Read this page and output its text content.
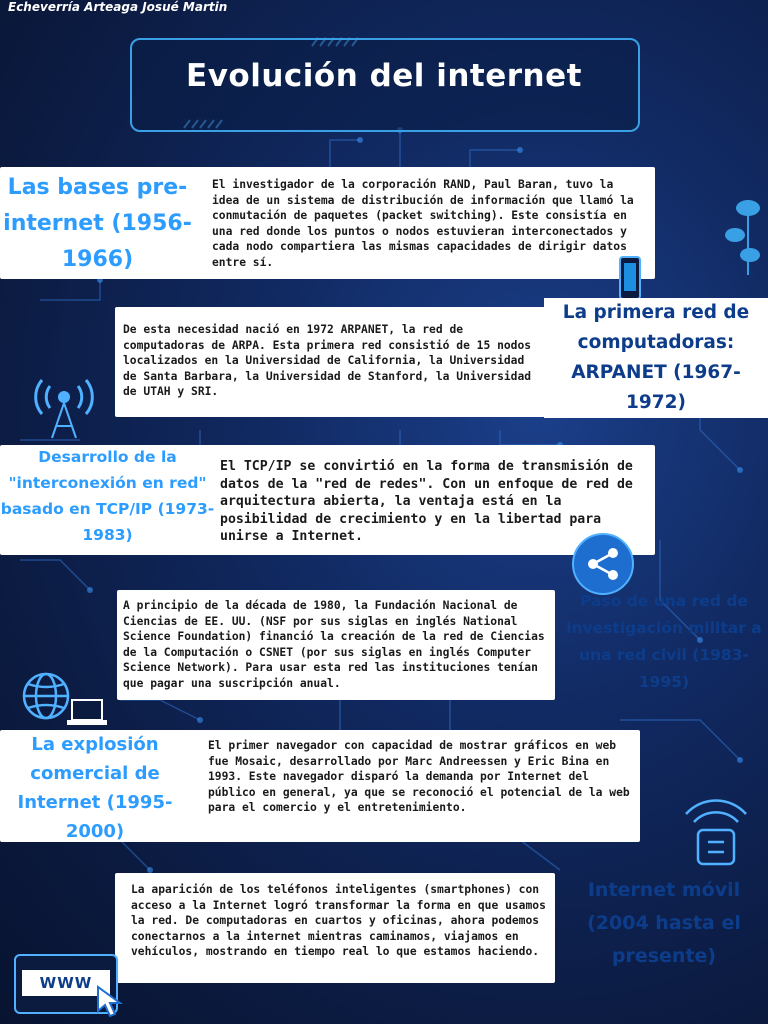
Echeverría Arteaga Josué Martin
Evolución del internet
Las bases pre-internet (1956-1966)

El investigador de la corporación RAND, Paul Baran, tuvo la idea de un sistema de distribución de información que llamó la conmutación de paquetes (packet switching). Este consistía en una red donde los puntos o nodos estuvieran interconectados y cada nodo compartiera las mismas capacidades de dirigir datos entre sí.

De esta necesidad nació en 1972 ARPANET, la red de computadoras de ARPA. Esta primera red consistió de 15 nodos localizados en la Universidad de California, la Universidad de Santa Barbara, la Universidad de Stanford, la Universidad de UTAH y SRI.

La primera red de computadoras: ARPANET (1967-1972)
Desarrollo de la "interconexión en red" basado en TCP/IP (1973-1983)

El TCP/IP se convirtió en la forma de transmisión de datos de la "red de redes". Con un enfoque de red de arquitectura abierta, la ventaja está en la posibilidad de crecimiento y en la libertad para unirse a Internet.

A principio de la década de 1980, la Fundación Nacional de Ciencias de EE. UU. (NSF por sus siglas en inglés National Science Foundation) financió la creación de la red de Ciencias de la Computación o CSNET (por sus siglas en inglés Computer Science Network). Para usar esta red las instituciones tenían que pagar una suscripción anual.

Paso de una red de investigación militar a una red civil (1983-1995)
La explosión comercial de Internet (1995-2000)

El primer navegador con capacidad de mostrar gráficos en web fue Mosaic, desarrollado por Marc Andreessen y Eric Bina en 1993. Este navegador disparó la demanda por Internet del público en general, ya que se reconoció el potencial de la web para el comercio y el entretenimiento.

La aparición de los teléfonos inteligentes (smartphones) con acceso a la Internet logró transformar la forma en que usamos la red. De computadoras en cuartos y oficinas, ahora podemos conectarnos a la internet mientras caminamos, viajamos en vehículos, mostrando en tiempo real lo que estamos haciendo.

Internet móvil (2004 hasta el presente)
WWW
